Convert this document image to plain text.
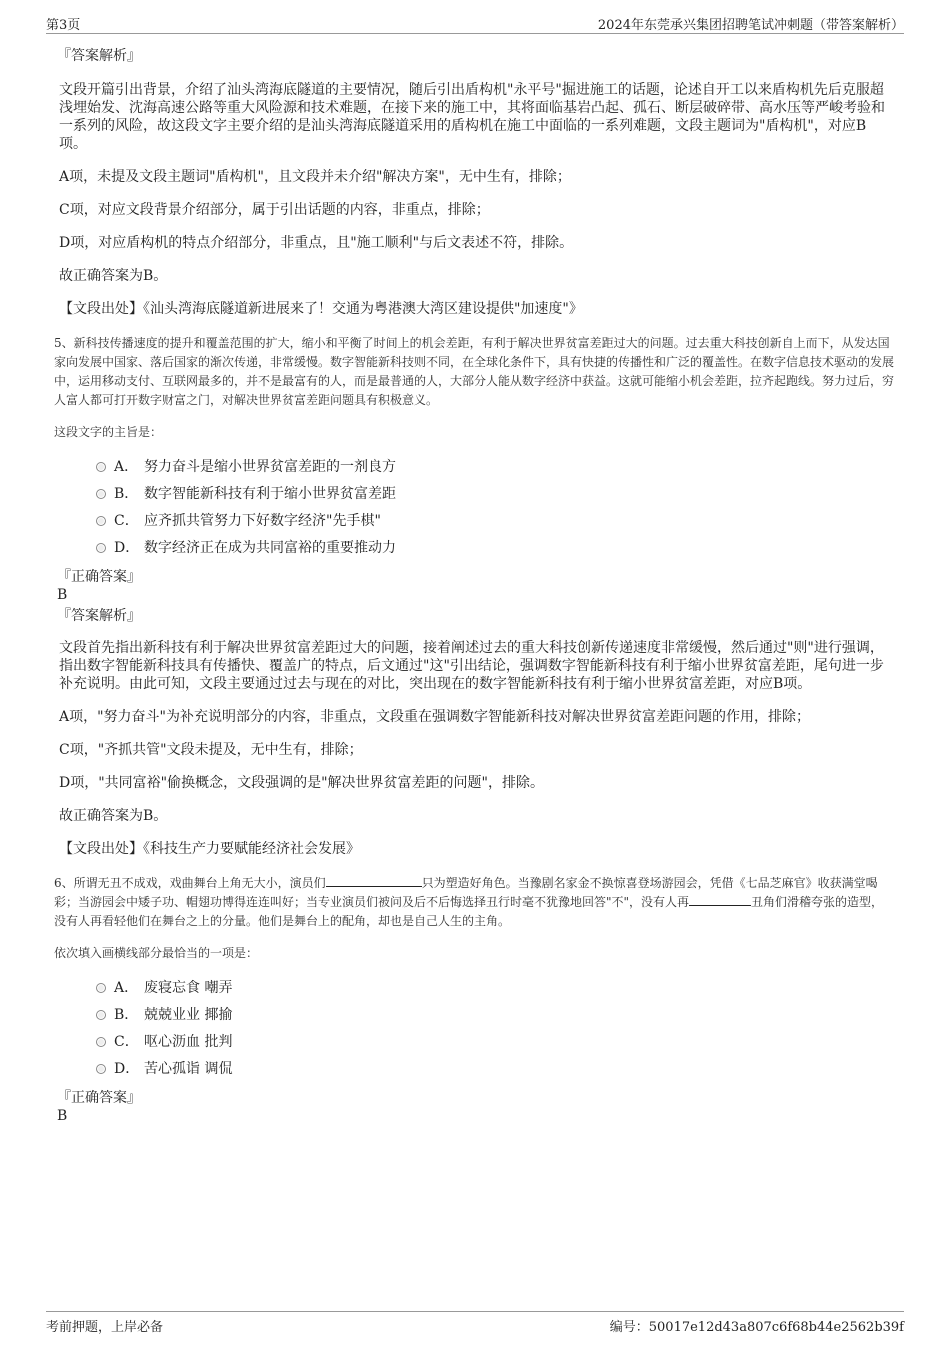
第3页	2024年东莞承兴集团招聘笔试冲刺题（带答案解析）
『答案解析』
文段开篇引出背景，介绍了汕头湾海底隧道的主要情况，随后引出盾构机"永平号"掘进施工的话题，论述自开工以来盾构机先后克服超浅埋始发、沈海高速公路等重大风险源和技术难题，在接下来的施工中，其将面临基岩凸起、孤石、断层破碎带、高水压等严峻考验和一系列的风险，故这段文字主要介绍的是汕头湾海底隧道采用的盾构机在施工中面临的一系列难题，文段主题词为"盾构机"，对应B项。
A项，未提及文段主题词"盾构机"，且文段并未介绍"解决方案"，无中生有，排除；
C项，对应文段背景介绍部分，属于引出话题的内容，非重点，排除；
D项，对应盾构机的特点介绍部分，非重点，且"施工顺利"与后文表述不符，排除。
故正确答案为B。
【文段出处】《汕头湾海底隧道新进展来了！交通为粤港澳大湾区建设提供"加速度"》
5、新科技传播速度的提升和覆盖范围的扩大，缩小和平衡了时间上的机会差距，有利于解决世界贫富差距过大的问题。过去重大科技创新自上而下，从发达国家向发展中国家、落后国家的渐次传递，非常缓慢。数字智能新科技则不同，在全球化条件下，具有快捷的传播性和广泛的覆盖性。在数字信息技术驱动的发展中，运用移动支付、互联网最多的，并不是最富有的人，而是最普通的人，大部分人能从数字经济中获益。这就可能缩小机会差距，拉齐起跑线。努力过后，穷人富人都可打开数字财富之门，对解决世界贫富差距问题具有积极意义。
这段文字的主旨是：
A． 努力奋斗是缩小世界贫富差距的一剂良方
B． 数字智能新科技有利于缩小世界贫富差距
C． 应齐抓共管努力下好数字经济"先手棋"
D． 数字经济正在成为共同富裕的重要推动力
『正确答案』
B
『答案解析』
文段首先指出新科技有利于解决世界贫富差距过大的问题，接着阐述过去的重大科技创新传递速度非常缓慢，然后通过"则"进行强调，指出数字智能新科技具有传播快、覆盖广的特点，后文通过"这"引出结论，强调数字智能新科技有利于缩小世界贫富差距，尾句进一步补充说明。由此可知，文段主要通过过去与现在的对比，突出现在的数字智能新科技有利于缩小世界贫富差距，对应B项。
A项，"努力奋斗"为补充说明部分的内容，非重点，文段重在强调数字智能新科技对解决世界贫富差距问题的作用，排除；
C项，"齐抓共管"文段未提及，无中生有，排除；
D项，"共同富裕"偷换概念，文段强调的是"解决世界贫富差距的问题"，排除。
故正确答案为B。
【文段出处】《科技生产力要赋能经济社会发展》
6、所谓无丑不成戏，戏曲舞台上角无大小，演员们	只为塑造好角色。当豫剧名家金不换惊喜登场游园会，凭借《七品芝麻官》收获满堂喝彩；当游园会中矮子功、帽翅功博得连连叫好；当专业演员们被问及后不后悔选择丑行时毫不犹豫地回答"不"，没有人再	丑角们滑稽夸张的造型，没有人再看轻他们在舞台之上的分量。他们是舞台上的配角，却也是自己人生的主角。
依次填入画横线部分最恰当的一项是：
A． 废寝忘食 嘲弄
B． 兢兢业业 揶揄
C． 呕心沥血 批判
D． 苦心孤诣 调侃
『正确答案』
B
考前押题，上岸必备	编号：50017e12d43a807c6f68b44e2562b39f
